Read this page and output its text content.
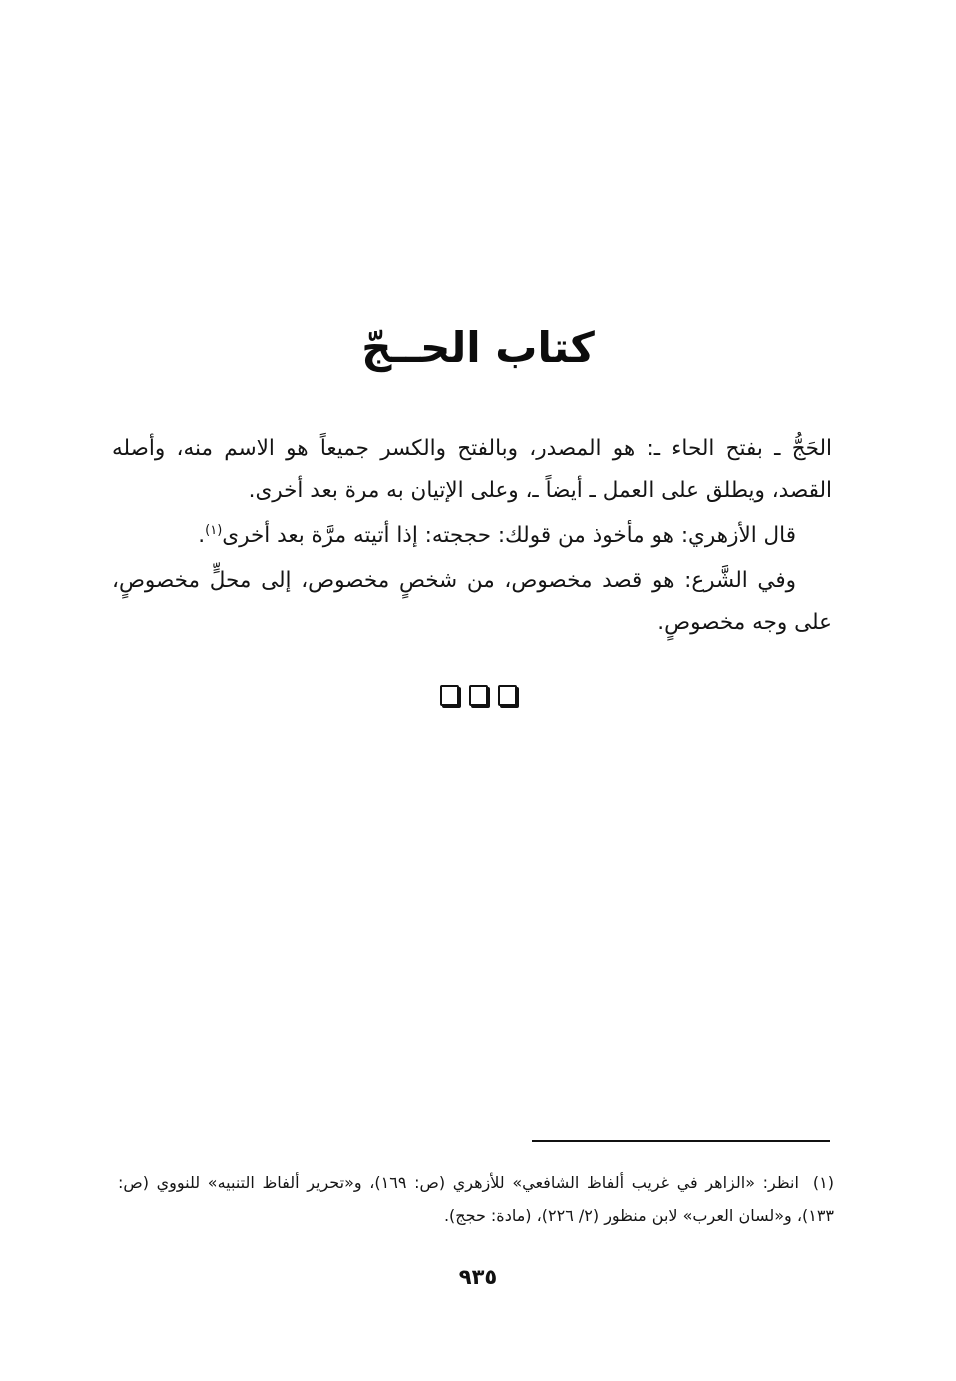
كتاب الحــجّ

الحَجُّ ـ بفتح الحاء ـ: هو المصدر، وبالفتح والكسر جميعاً هو الاسم منه، وأصله القصد، ويطلق على العمل ـ أيضاً ـ، وعلى الإتيان به مرة بعد أخرى.

قال الأزهري: هو مأخوذ من قولك: حججته: إذا أتيته مرَّة بعد أخرى$^{(١)}$.

وفي الشَّرع: هو قصد مخصوص، من شخصٍ مخصوص، إلى محلٍّ مخصوصٍ، على وجه مخصوصٍ.

(١)انظر: «الزاهر في غريب ألفاظ الشافعي» للأزهري (ص: ١٦٩)، و«تحرير ألفاظ التنبيه» للنووي (ص: ١٣٣)، و«لسان العرب» لابن منظور (٢/ ٢٢٦)، (مادة: حجج).
٩٣٥
